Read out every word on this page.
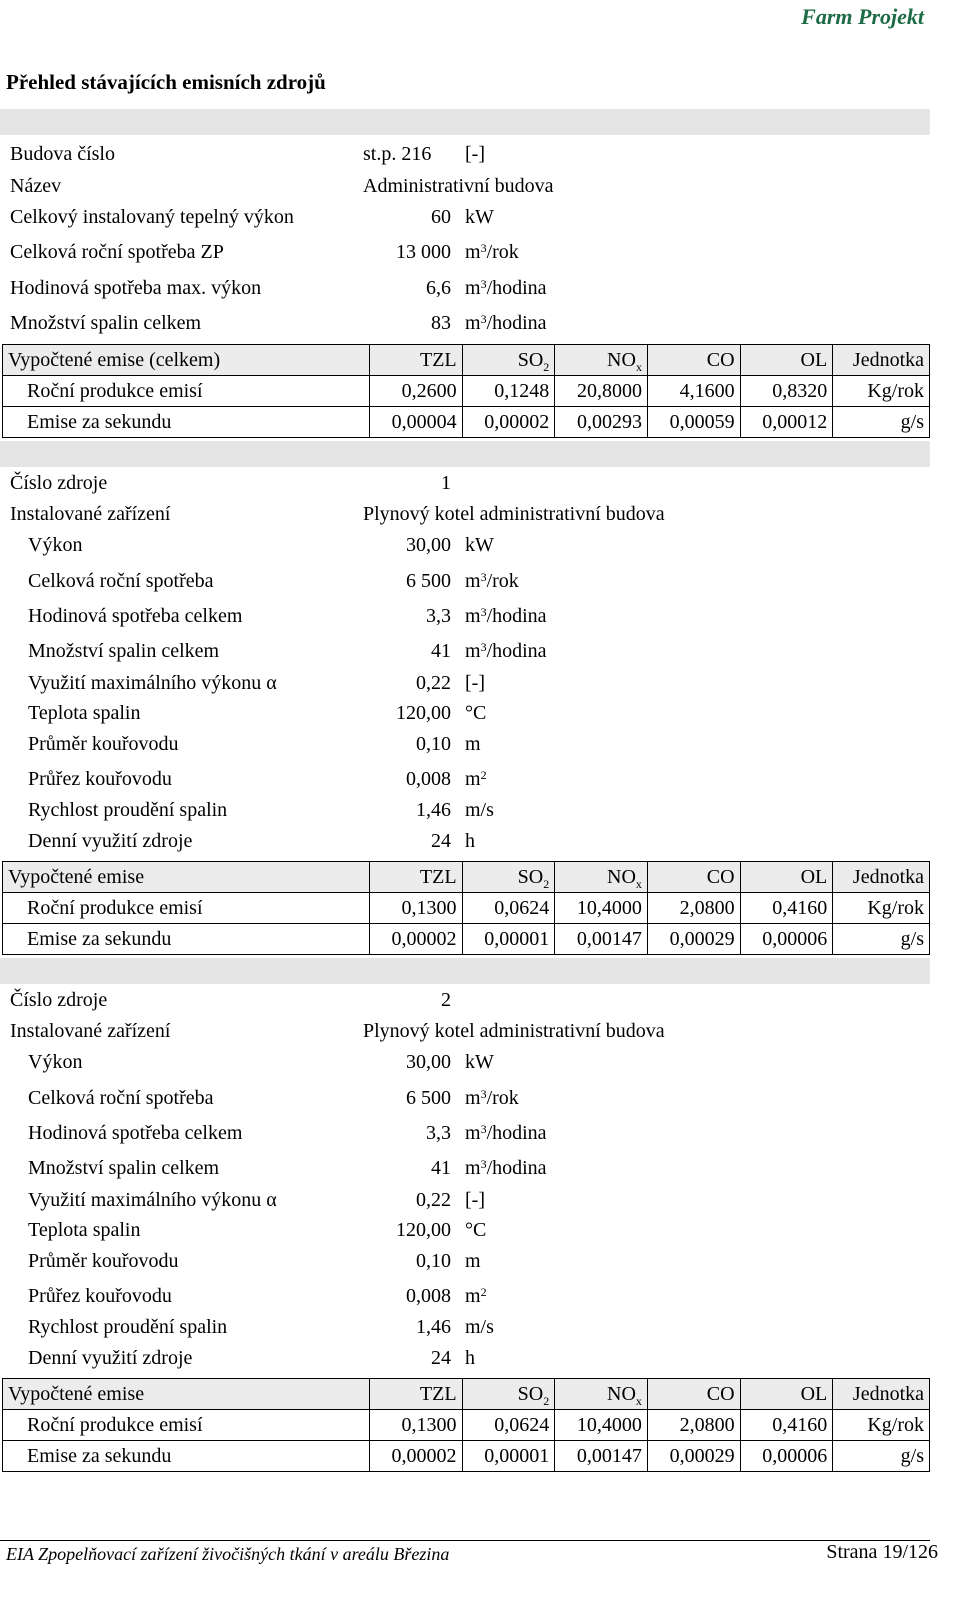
Farm Projekt
Přehled stávajících emisních zdrojů
Budova číslo	st.p. 216 [-]
Název	Administrativní budova
Celkový instalovaný tepelný výkon	60 kW
Celková roční spotřeba ZP	13 000 $m^3$/rok
Hodinová spotřeba max. výkon	6,6 $m^3$/hodina
Množství spalin celkem	83 $m^3$/hodina
Vypočtené emise (celkem)	TZL	$SO_2$	$NO_x$	CO	OL	Jednotka
Roční produkce emisí	0,2600	0,1248	20,8000	4,1600	0,8320	Kg/rok
Emise za sekundu	0,00004	0,00002	0,00293	0,00059	0,00012	g/s
Číslo zdroje	1
Instalované zařízení	Plynový kotel administrativní budova
Výkon	30,00 kW
Celková roční spotřeba	6 500 $m^3$/rok
Hodinová spotřeba celkem	3,3 $m^3$/hodina
Množství spalin celkem	41 $m^3$/hodina
Využití maximálního výkonu α	0,22 [-]
Teplota spalin	120,00 °C
Průměr kouřovodu	0,10 m
Průřez kouřovodu	0,008 $m^2$
Rychlost proudění spalin	1,46 m/s
Denní využití zdroje	24 h
Vypočtené emise	TZL	$SO_2$	$NO_x$	CO	OL	Jednotka
Roční produkce emisí	0,1300	0,0624	10,4000	2,0800	0,4160	Kg/rok
Emise za sekundu	0,00002	0,00001	0,00147	0,00029	0,00006	g/s
Číslo zdroje	2
Instalované zařízení	Plynový kotel administrativní budova
Výkon	30,00 kW
Celková roční spotřeba	6 500 $m^3$/rok
Hodinová spotřeba celkem	3,3 $m^3$/hodina
Množství spalin celkem	41 $m^3$/hodina
Využití maximálního výkonu α	0,22 [-]
Teplota spalin	120,00 °C
Průměr kouřovodu	0,10 m
Průřez kouřovodu	0,008 $m^2$
Rychlost proudění spalin	1,46 m/s
Denní využití zdroje	24 h
Vypočtené emise	TZL	$SO_2$	$NO_x$	CO	OL	Jednotka
Roční produkce emisí	0,1300	0,0624	10,4000	2,0800	0,4160	Kg/rok
Emise za sekundu	0,00002	0,00001	0,00147	0,00029	0,00006	g/s
EIA Zpopelňovací zařízení živočišných tkání v areálu Březina	Strana 19/126
